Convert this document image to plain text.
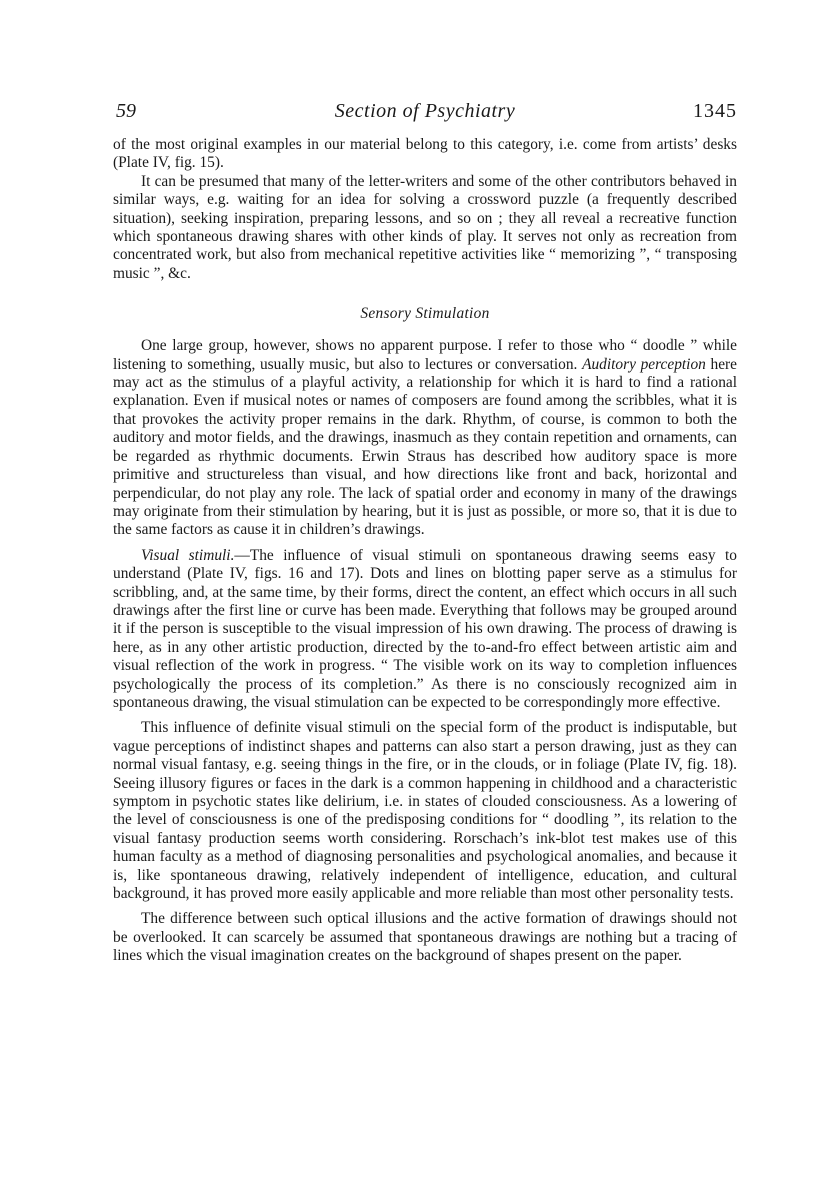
59	Section of Psychiatry	1345

of the most original examples in our material belong to this category, i.e. come from artists’ desks (Plate IV, fig. 15).

It can be presumed that many of the letter-writers and some of the other contributors behaved in similar ways, e.g. waiting for an idea for solving a crossword puzzle (a frequently described situation), seeking inspiration, preparing lessons, and so on ; they all reveal a recreative function which spontaneous drawing shares with other kinds of play. It serves not only as recreation from concentrated work, but also from mechanical repetitive activities like “ memorizing ”, “ transposing music ”, &c.

Sensory Stimulation

One large group, however, shows no apparent purpose. I refer to those who “ doodle ” while listening to something, usually music, but also to lectures or conversation. Auditory perception here may act as the stimulus of a playful activity, a relationship for which it is hard to find a rational explanation. Even if musical notes or names of composers are found among the scribbles, what it is that provokes the activity proper remains in the dark. Rhythm, of course, is common to both the auditory and motor fields, and the drawings, inasmuch as they contain repetition and ornaments, can be regarded as rhythmic documents. Erwin Straus has described how auditory space is more primitive and structureless than visual, and how directions like front and back, horizontal and perpendicular, do not play any role. The lack of spatial order and economy in many of the drawings may originate from their stimulation by hearing, but it is just as possible, or more so, that it is due to the same factors as cause it in children’s drawings.

Visual stimuli.—The influence of visual stimuli on spontaneous drawing seems easy to understand (Plate IV, figs. 16 and 17). Dots and lines on blotting paper serve as a stimulus for scribbling, and, at the same time, by their forms, direct the content, an effect which occurs in all such drawings after the first line or curve has been made. Everything that follows may be grouped around it if the person is susceptible to the visual impression of his own drawing. The process of drawing is here, as in any other artistic production, directed by the to-and-fro effect between artistic aim and visual reflection of the work in progress. “ The visible work on its way to completion influences psychologically the process of its completion.” As there is no consciously recognized aim in spontaneous drawing, the visual stimulation can be expected to be correspondingly more effective.

This influence of definite visual stimuli on the special form of the product is indisputable, but vague perceptions of indistinct shapes and patterns can also start a person drawing, just as they can normal visual fantasy, e.g. seeing things in the fire, or in the clouds, or in foliage (Plate IV, fig. 18). Seeing illusory figures or faces in the dark is a common happening in childhood and a characteristic symptom in psychotic states like delirium, i.e. in states of clouded consciousness. As a lowering of the level of consciousness is one of the predisposing conditions for “ doodling ”, its relation to the visual fantasy production seems worth considering. Rorschach’s ink-blot test makes use of this human faculty as a method of diagnosing personalities and psychological anomalies, and because it is, like spontaneous drawing, relatively independent of intelligence, education, and cultural background, it has proved more easily applicable and more reliable than most other personality tests.

The difference between such optical illusions and the active formation of drawings should not be overlooked. It can scarcely be assumed that spontaneous drawings are nothing but a tracing of lines which the visual imagination creates on the background of shapes present on the paper.
